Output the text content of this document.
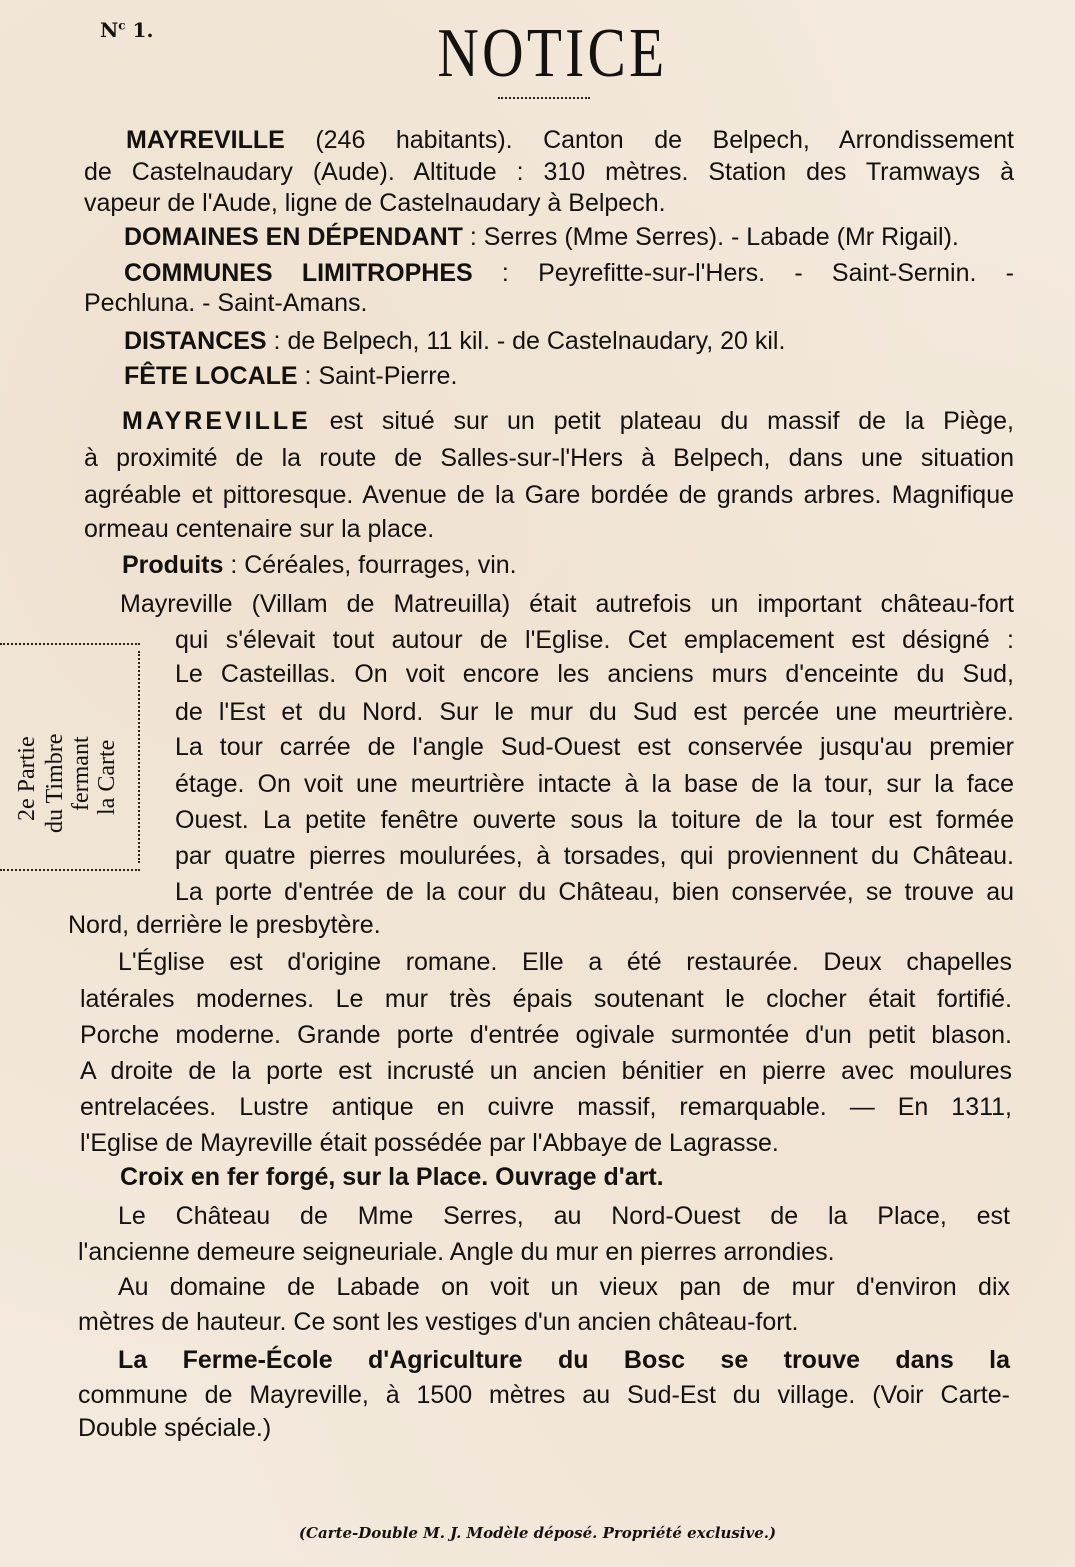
$N^c$ 1.	NOTICE
MAYREVILLE (246 habitants). Canton de Belpech, Arrondissement
de Castelnaudary (Aude). Altitude : 310 mètres. Station des Tramways à
vapeur de l'Aude, ligne de Castelnaudary à Belpech.
DOMAINES EN DÉPENDANT : Serres (Mme Serres). - Labade (Mr Rigail).
COMMUNES LIMITROPHES : Peyrefitte-sur-l'Hers. - Saint-Sernin. -
Pechluna. - Saint-Amans.
DISTANCES : de Belpech, 11 kil. - de Castelnaudary, 20 kil.
FÊTE LOCALE : Saint-Pierre.
MAYREVILLE est situé sur un petit plateau du massif de la Piège,
à proximité de la route de Salles-sur-l'Hers à Belpech, dans une situation
agréable et pittoresque. Avenue de la Gare bordée de grands arbres. Magnifique
ormeau centenaire sur la place.
Produits : Céréales, fourrages, vin.
Mayreville (Villam de Matreuilla) était autrefois un important château-fort
qui s'élevait tout autour de l'Eglise. Cet emplacement est désigné :
Le Casteillas. On voit encore les anciens murs d'enceinte du Sud,
de l'Est et du Nord. Sur le mur du Sud est percée une meurtrière.
La tour carrée de l'angle Sud-Ouest est conservée jusqu'au premier
étage. On voit une meurtrière intacte à la base de la tour, sur la face
Ouest. La petite fenêtre ouverte sous la toiture de la tour est formée
par quatre pierres moulurées, à torsades, qui proviennent du Château.
La porte d'entrée de la cour du Château, bien conservée, se trouve au
Nord, derrière le presbytère.
2e Partie du Timbre fermant la Carte
L'Église est d'origine romane. Elle a été restaurée. Deux chapelles
latérales modernes. Le mur très épais soutenant le clocher était fortifié.
Porche moderne. Grande porte d'entrée ogivale surmontée d'un petit blason.
A droite de la porte est incrusté un ancien bénitier en pierre avec moulures
entrelacées. Lustre antique en cuivre massif, remarquable. — En 1311,
l'Eglise de Mayreville était possédée par l'Abbaye de Lagrasse.
Croix en fer forgé, sur la Place. Ouvrage d'art.
Le Château de Mme Serres, au Nord-Ouest de la Place, est
l'ancienne demeure seigneuriale. Angle du mur en pierres arrondies.
Au domaine de Labade on voit un vieux pan de mur d'environ dix
mètres de hauteur. Ce sont les vestiges d'un ancien château-fort.
La Ferme-École d'Agriculture du Bosc se trouve dans la
commune de Mayreville, à 1500 mètres au Sud-Est du village. (Voir Carte-
Double spéciale.)
(Carte-Double M. J. Modèle déposé. Propriété exclusive.)
